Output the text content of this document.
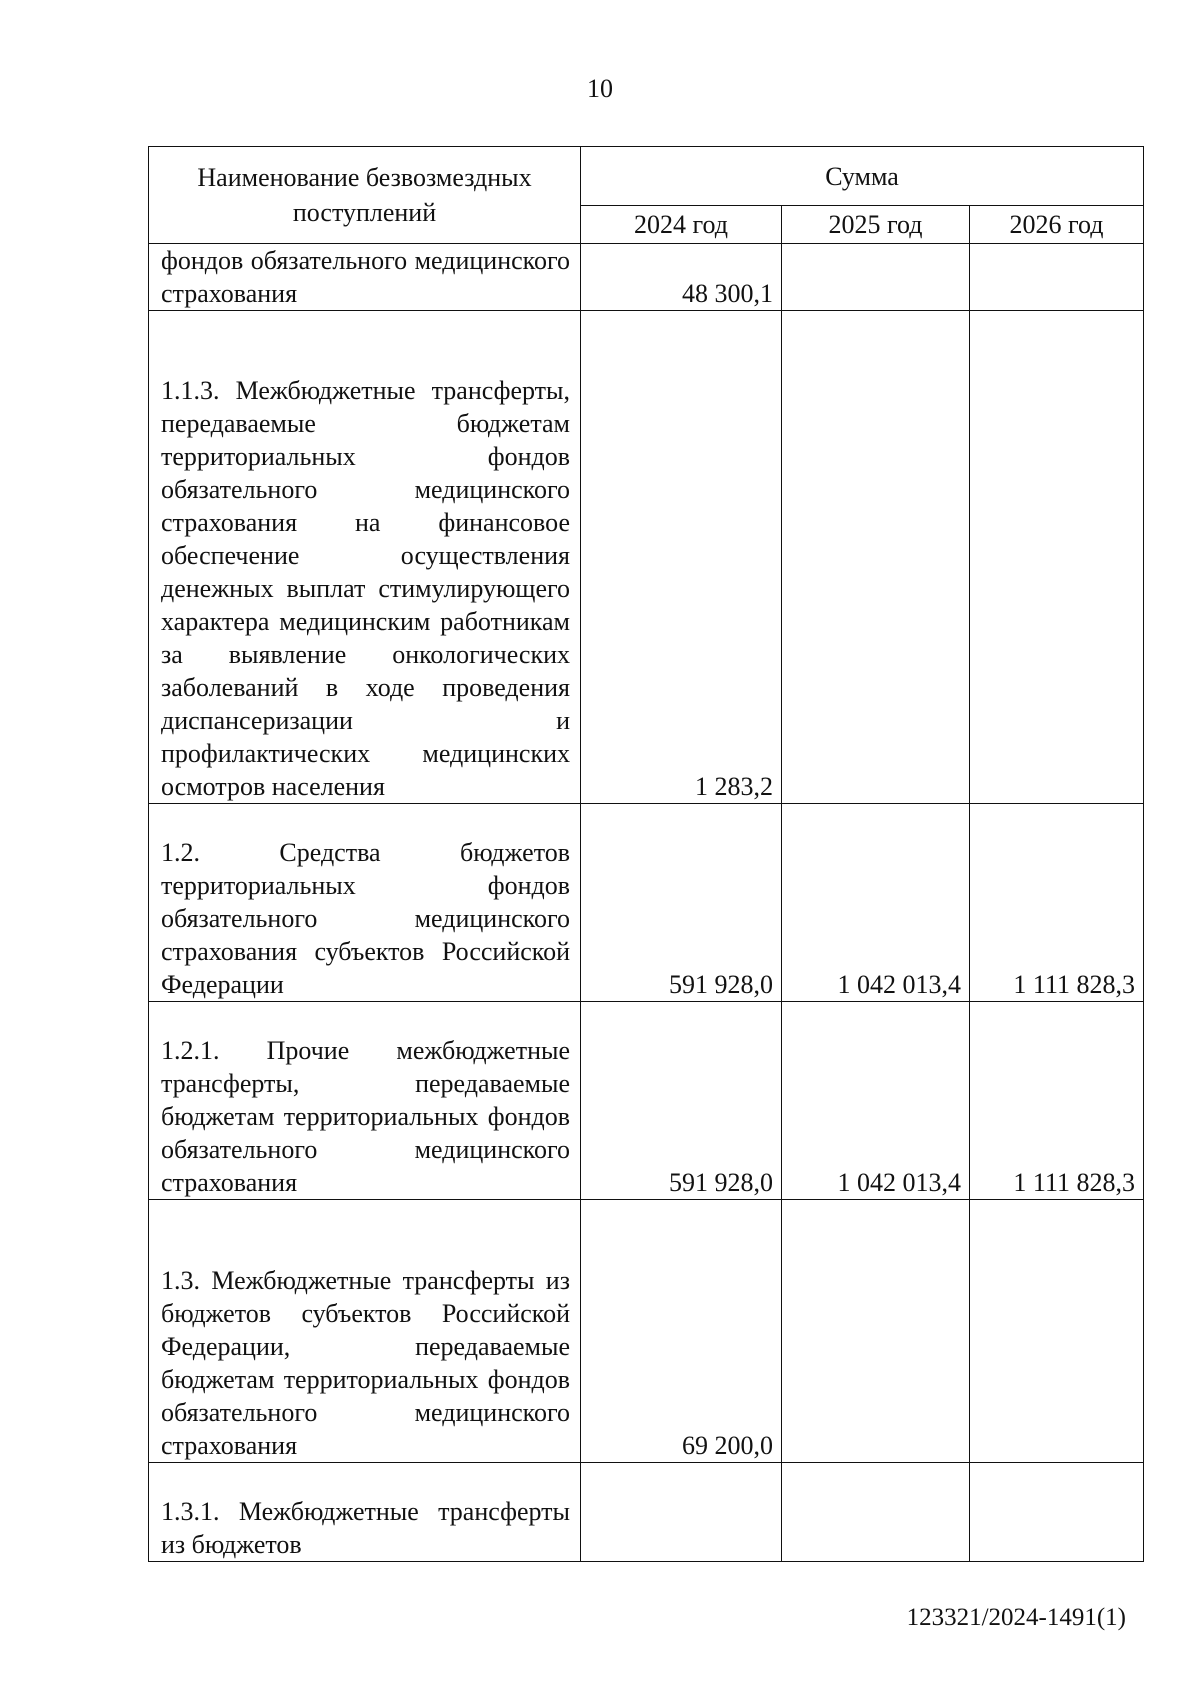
10
Наименование безвозмездных поступлений	Сумма		
	2024 год	2025 год	2026 год

фондов обязательного медицинского страхования	48 300,1		

1.1.3. Межбюджетные трансферты, передаваемые бюджетам территориальных фондов обязательного медицинского страхования на финансовое обеспечение осуществления денежных выплат стимулирующего характера медицинским работникам за выявление онкологических заболеваний в ходе проведения диспансеризации и профилактических медицинских осмотров населения	1 283,2		

1.2. Средства бюджетов территориальных фондов обязательного медицинского страхования субъектов Российской Федерации	591 928,0	1 042 013,4	1 111 828,3

1.2.1. Прочие межбюджетные трансферты, передаваемые бюджетам территориальных фондов обязательного медицинского страхования	591 928,0	1 042 013,4	1 111 828,3

1.3. Межбюджетные трансферты из бюджетов субъектов Российской Федерации, передаваемые бюджетам территориальных фондов обязательного медицинского страхования	69 200,0		

1.3.1. Межбюджетные трансферты из бюджетов			

123321/2024-1491(1)
